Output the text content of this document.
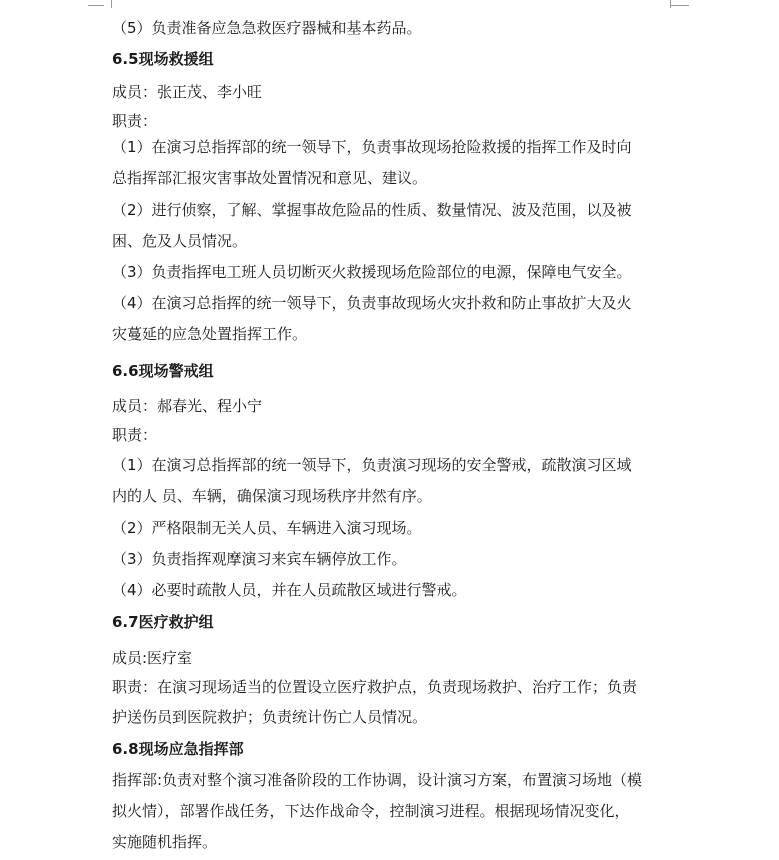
（5）负责准备应急急救医疗器械和基本药品。
6.5现场救援组
成员：张正茂、李小旺
职责：
（1）在演习总指挥部的统一领导下，负责事故现场抢险救援的指挥工作及时向
总指挥部汇报灾害事故处置情况和意见、建议。
（2）进行侦察，了解、掌握事故危险品的性质、数量情况、波及范围，以及被
困、危及人员情况。
（3）负责指挥电工班人员切断灭火救援现场危险部位的电源，保障电气安全。
（4）在演习总指挥的统一领导下，负责事故现场火灾扑救和防止事故扩大及火
灾蔓延的应急处置指挥工作。
6.6现场警戒组
成员：郝春光、程小宁
职责：
（1）在演习总指挥部的统一领导下，负责演习现场的安全警戒，疏散演习区域
内的人 员、车辆，确保演习现场秩序井然有序。
（2）严格限制无关人员、车辆进入演习现场。
（3）负责指挥观摩演习来宾车辆停放工作。
（4）必要时疏散人员，并在人员疏散区域进行警戒。
6.7医疗救护组
成员:医疗室
职责：在演习现场适当的位置设立医疗救护点，负责现场救护、治疗工作；负责
护送伤员到医院救护；负责统计伤亡人员情况。
6.8现场应急指挥部
指挥部:负责对整个演习准备阶段的工作协调，设计演习方案，布置演习场地（模
拟火情），部署作战任务，下达作战命令，控制演习进程。根据现场情况变化，
实施随机指挥。
